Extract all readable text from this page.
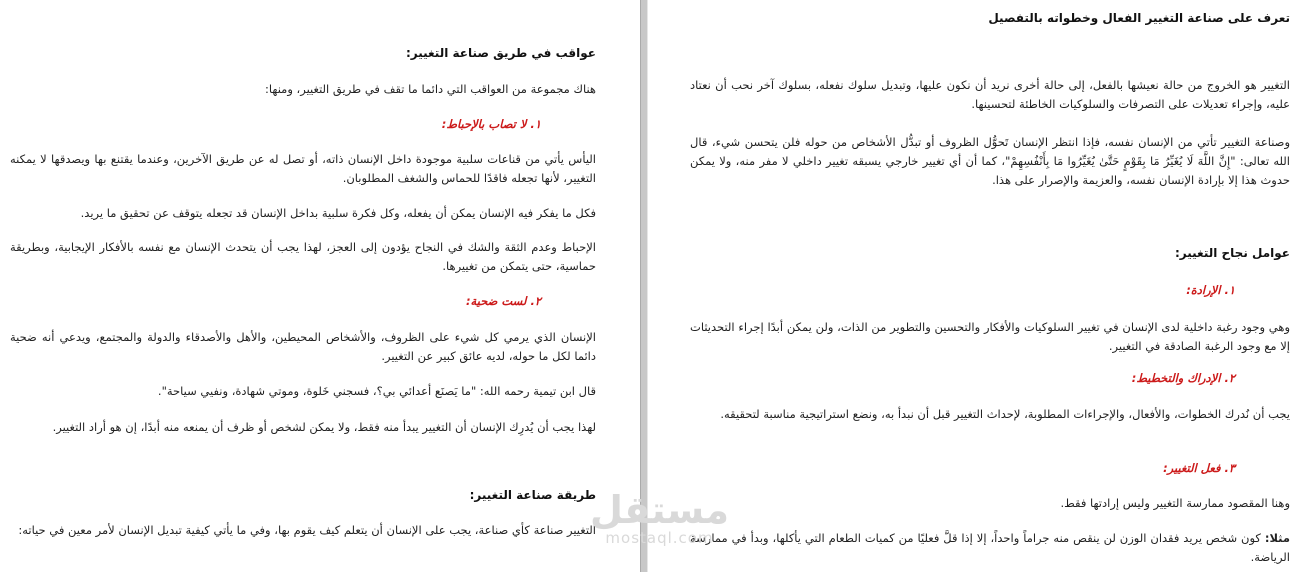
تعرف على صناعة التغيير الفعال وخطواته بالتفصيل

التغيير هو الخروج من حالة نعيشها بالفعل، إلى حالة أخرى نريد أن نكون عليها، وتبديل سلوك نفعله، بسلوك آخر نحب أن نعتاد عليه، وإجراء تعديلات على التصرفات والسلوكيات الخاطئة لتحسينها.

وصناعة التغيير تأتي من الإنسان نفسه، فإذا انتظر الإنسان تَحوُّل الظروف أو تبدُّل الأشخاص من حوله فلن يتحسن شيء، قال الله تعالى: "إِنَّ اللَّهَ لَا يُغَيِّرُ مَا بِقَوْمٍ حَتَّىٰ يُغَيِّرُوا مَا بِأَنْفُسِهِمْ"، كما أن أي تغيير خارجي يسبقه تغيير داخلي لا مفر منه، ولا يمكن حدوث هذا إلا بإرادة الإنسان نفسه، والعزيمة والإصرار على هذا.

عوامل نجاح التغيير:

١. الإرادة:

وهي وجود رغبة داخلية لدى الإنسان في تغيير السلوكيات والأفكار والتحسين والتطوير من الذات، ولن يمكن أبدًا إجراء التحديثات إلا مع وجود الرغبة الصادقة في التغيير.

٢. الإدراك والتخطيط:

يجب أن نُدرك الخطوات، والأفعال، والإجراءات المطلوبة، لإحداث التغيير قبل أن نبدأ به، ونضع استراتيجية مناسبة لتحقيقه.

٣. فعل التغيير:

وهنا المقصود ممارسة التغيير وليس إرادتها فقط.

مثلا: كون شخص يريد فقدان الوزن لن ينقص منه جراماً واحداً، إلا إذا قلَّ فعليًا من كميات الطعام التي يأكلها، وبدأ في ممارسة الرياضة.

عواقب في طريق صناعة التغيير:

هناك مجموعة من العواقب التي دائما ما تقف في طريق التغيير، ومنها:

١. لا تصاب بالإحباط:

اليأس يأتي من قناعات سلبية موجودة داخل الإنسان ذاته، أو تصل له عن طريق الآخرين، وعندما يقتنع بها ويصدقها لا يمكنه التغيير، لأنها تجعله فاقدًا للحماس والشغف المطلوبان.

فكل ما يفكر فيه الإنسان يمكن أن يفعله، وكل فكرة سلبية بداخل الإنسان قد تجعله يتوقف عن تحقيق ما يريد.

الإحباط وعدم الثقة والشك في النجاح يؤدون إلى العجز، لهذا يجب أن يتحدث الإنسان مع نفسه بالأفكار الإيجابية، وبطريقة حماسية، حتى يتمكن من تغييرها.

٢. لست ضحية:

الإنسان الذي يرمي كل شيء على الظروف، والأشخاص المحيطين، والأهل والأصدقاء والدولة والمجتمع، ويدعي أنه ضحية دائما لكل ما حوله، لديه عائق كبير عن التغيير.

قال ابن تيمية رحمه الله: "ما يَصنَع أعدائي بي؟، فسجني خَلوة، وموتي شهادة، ونفيي سياحة".

لهذا يجب أن يُدرِك الإنسان أن التغيير يبدأ منه فقط، ولا يمكن لشخص أو ظرف أن يمنعه منه أبدًا، إن هو أراد التغيير.

طريقة صناعة التغيير:

التغيير صناعة كأي صناعة، يجب على الإنسان أن يتعلم كيف يقوم بها، وفي ما يأتي كيفية تبديل الإنسان لأمر معين في حياته:

مستقل
mostaql.com
